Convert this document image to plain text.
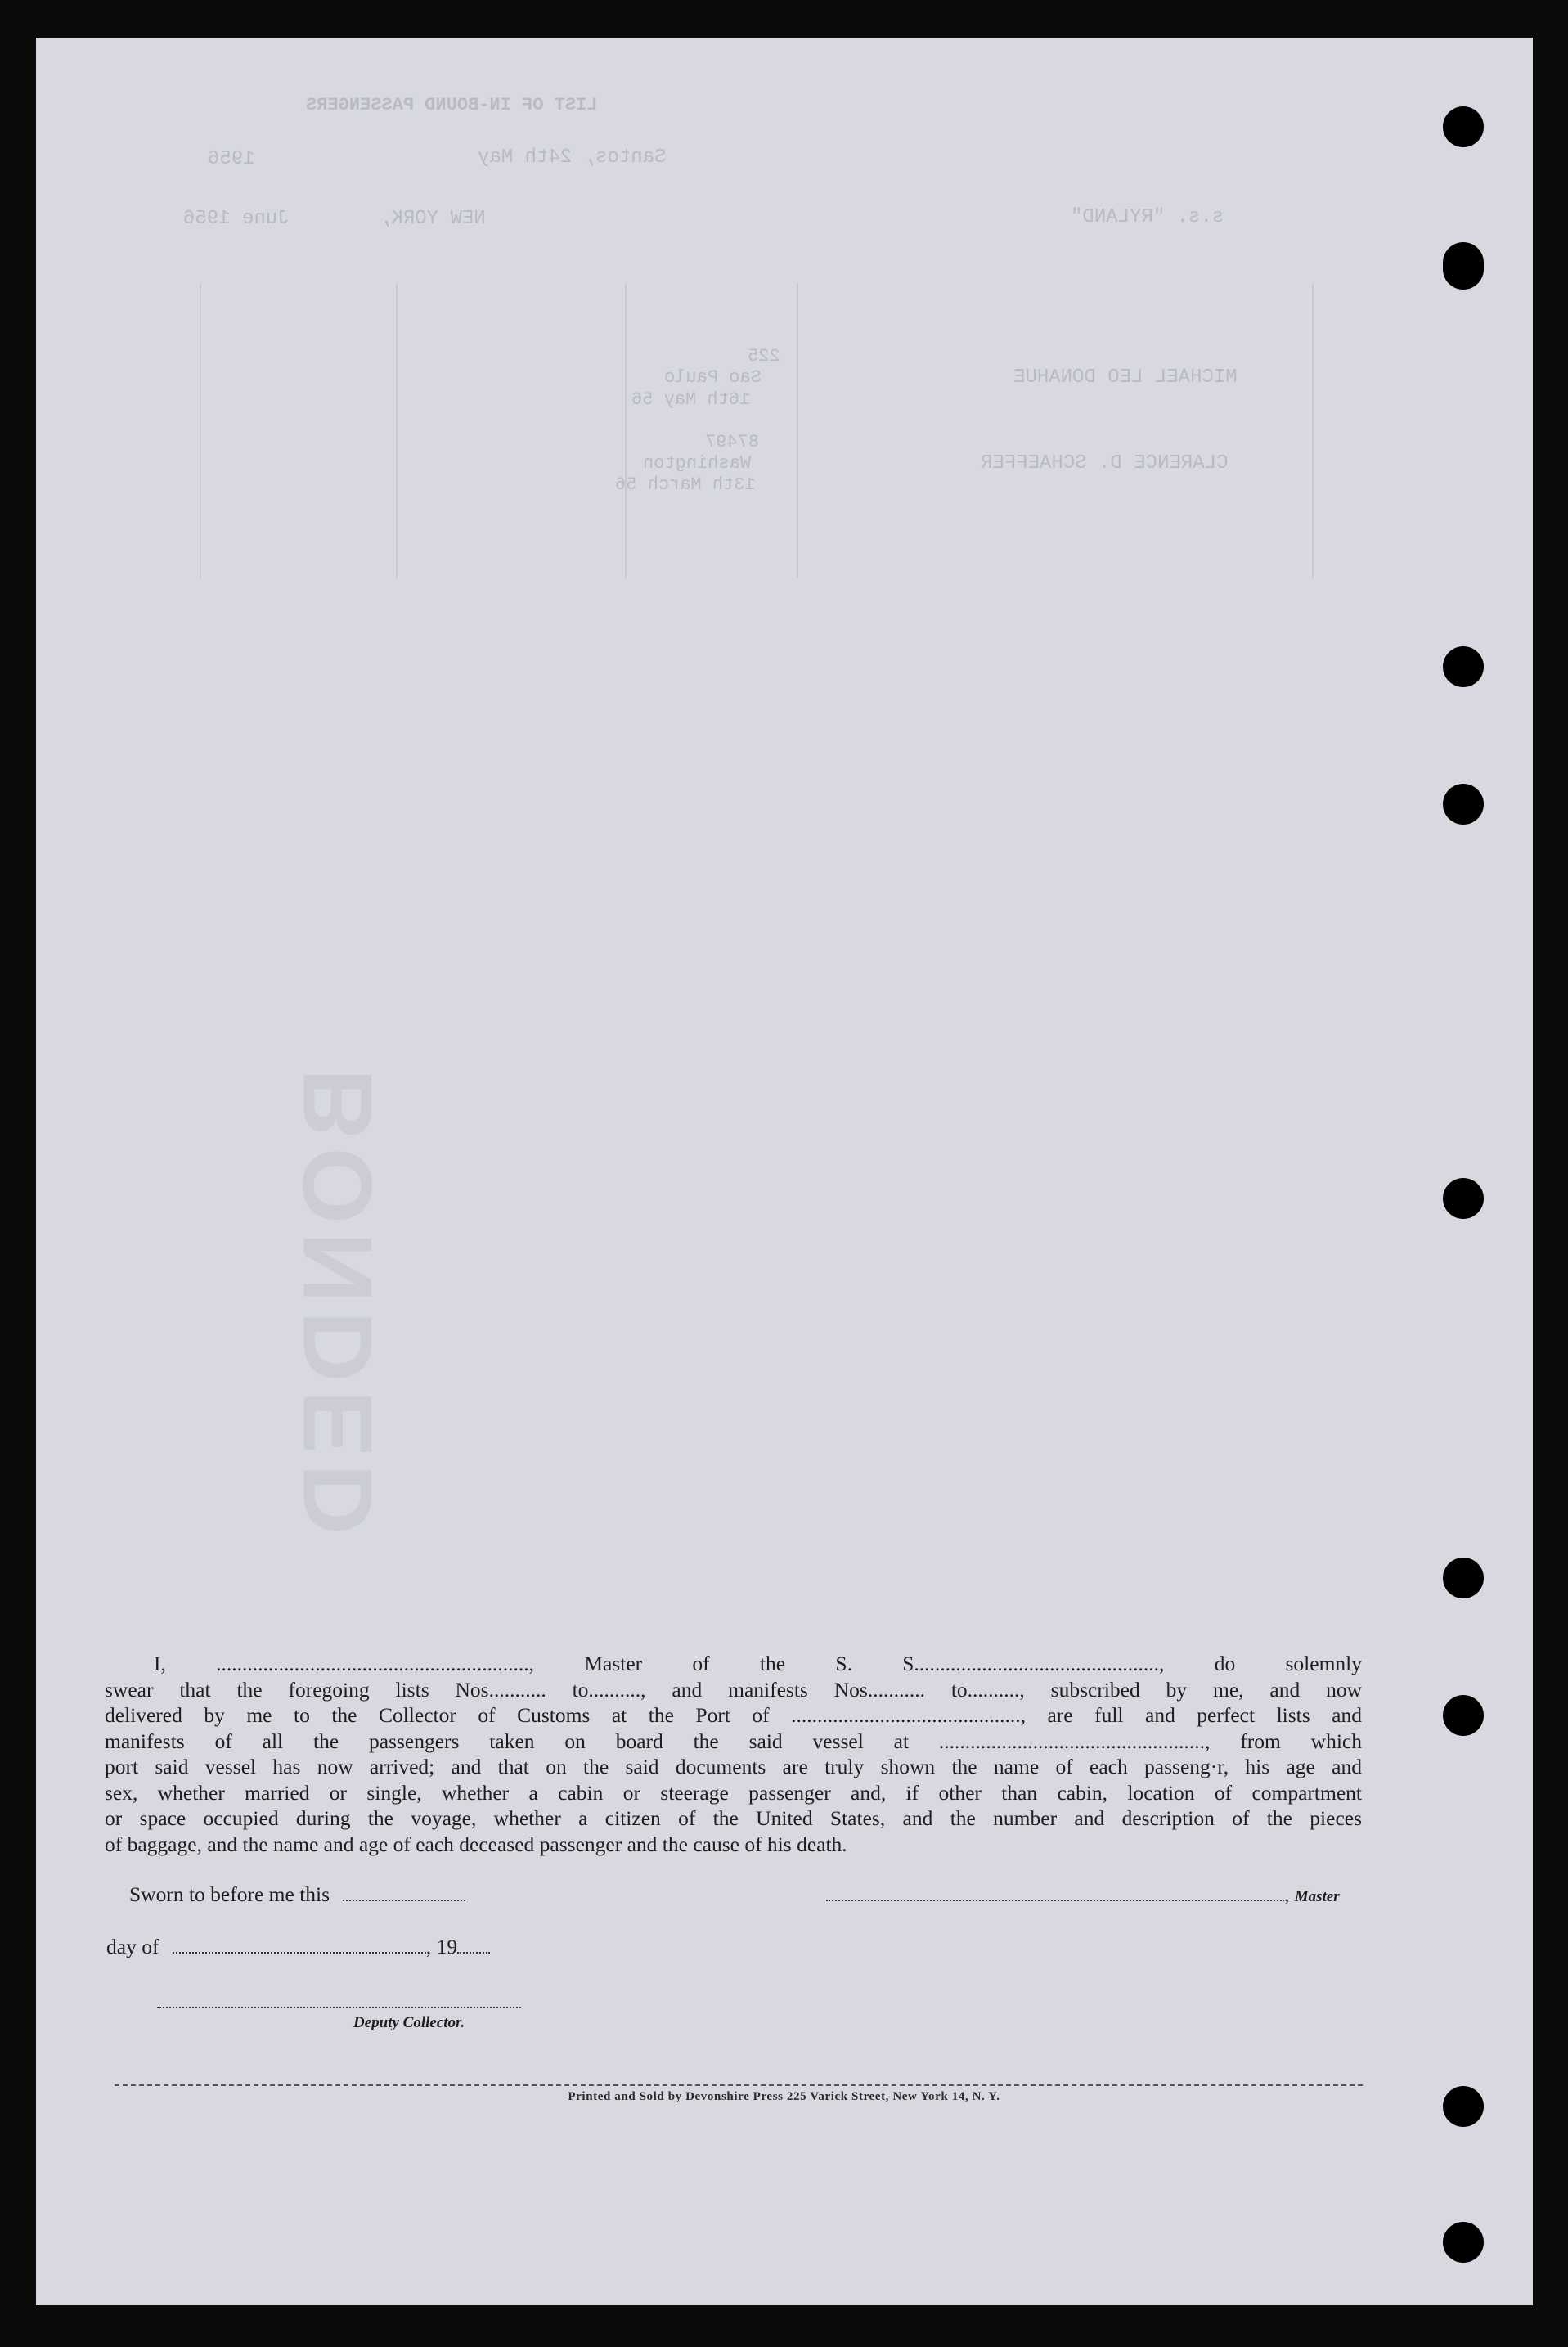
LIST OF IN-BOUND PASSENGERS
Santos, 24th May
1956
NEW YORK,
June 1956	s.s. "RYLAND"
MICHAEL LEO DONAHUE
225
Sao Paulo
16th May 56
CLARENCE D. SCHAEFFER
87497
Washington
13th March 56
BONDED
I, ............................................................, Master of the S. S..............................................., do solemnly
swear that the foregoing lists Nos........... to.........., and manifests Nos........... to.........., subscribed by me, and now
delivered by me to the Collector of Customs at the Port of ............................................, are full and perfect lists and
manifests of all the passengers taken on board the said vessel at ..................................................., from which
port said vessel has now arrived; and that on the said documents are truly shown the name of each passeng·r, his age and
sex, whether married or single, whether a cabin or steerage passenger and, if other than cabin, location of compartment
or space occupied during the voyage, whether a citizen of the United States, and the number and description of the pieces
of baggage, and the name and age of each deceased passenger and the cause of his death.
Sworn to before me this	, Master
day of	, 19
Deputy Collector.
Printed and Sold by Devonshire Press 225 Varick Street, New York 14, N. Y.
